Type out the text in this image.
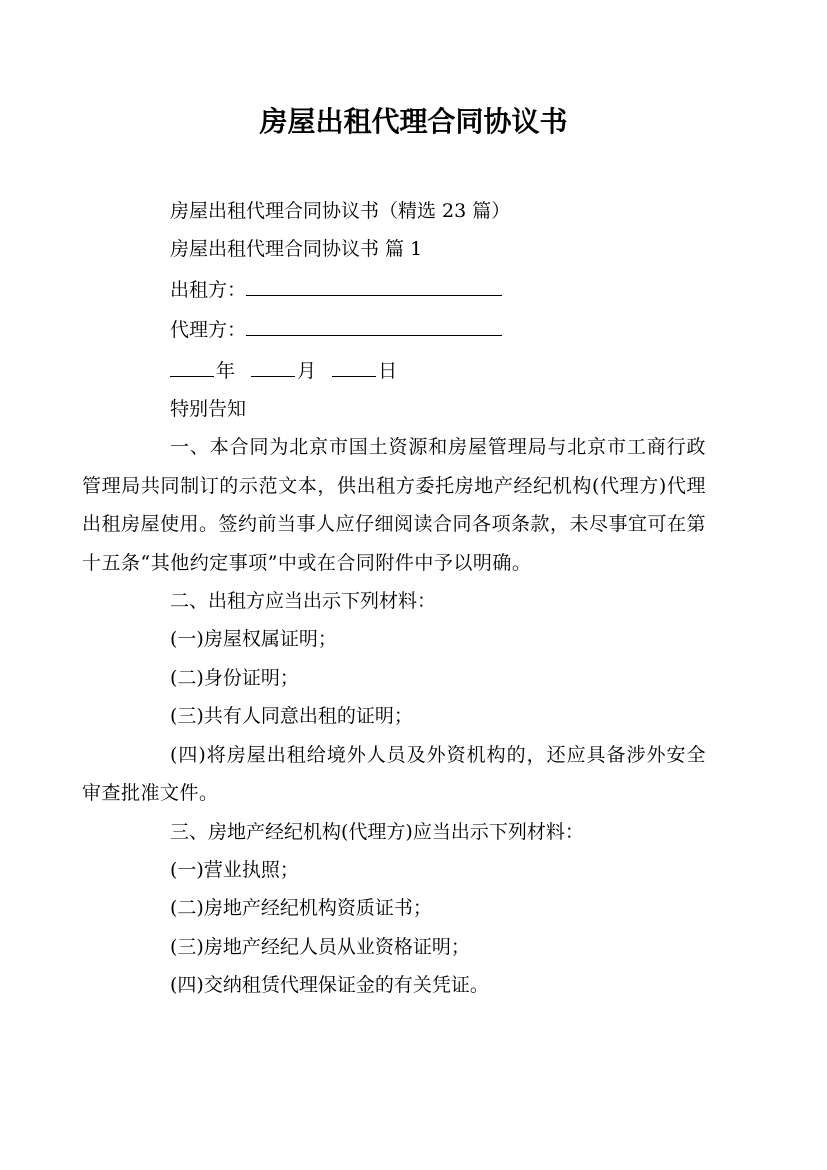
房屋出租代理合同协议书

房屋出租代理合同协议书（精选 23 篇）

房屋出租代理合同协议书 篇 1

出租方：

代理方：

年	月	日

特别告知

一、本合同为北京市国土资源和房屋管理局与北京市工商行政管理局共同制订的示范文本，供出租方委托房地产经纪机构(代理方)代理出租房屋使用。签约前当事人应仔细阅读合同各项条款，未尽事宜可在第十五条“其他约定事项”中或在合同附件中予以明确。

二、出租方应当出示下列材料：

(一)房屋权属证明；

(二)身份证明；

(三)共有人同意出租的证明；

(四)将房屋出租给境外人员及外资机构的，还应具备涉外安全审查批准文件。

三、房地产经纪机构(代理方)应当出示下列材料：

(一)营业执照；

(二)房地产经纪机构资质证书；

(三)房地产经纪人员从业资格证明；

(四)交纳租赁代理保证金的有关凭证。
